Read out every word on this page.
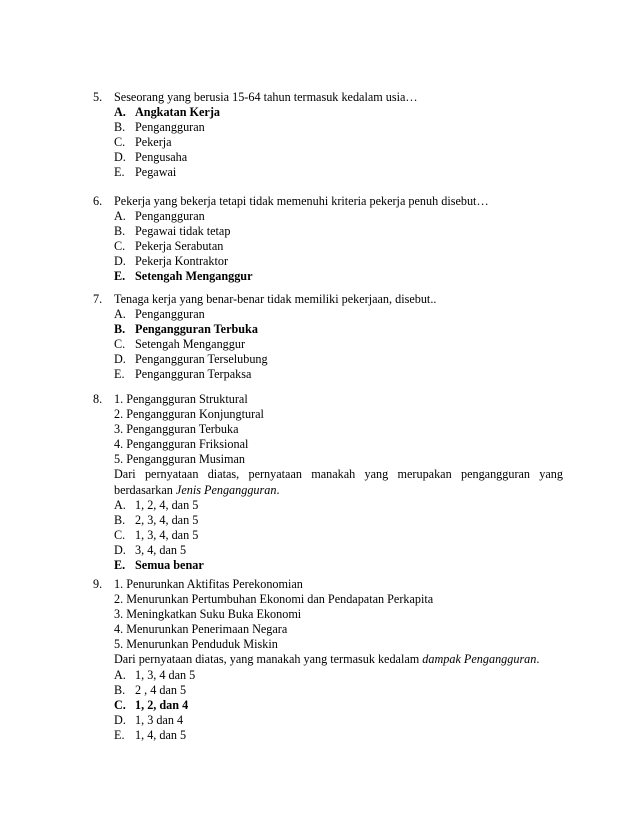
5. Seseorang yang berusia 15-64 tahun termasuk kedalam usia…
A. Angkatan Kerja
B. Pengangguran
C. Pekerja
D. Pengusaha
E. Pegawai
6. Pekerja yang bekerja tetapi tidak memenuhi kriteria pekerja penuh disebut…
A. Pengangguran
B. Pegawai tidak tetap
C. Pekerja Serabutan
D. Pekerja Kontraktor
E. Setengah Menganggur
7. Tenaga kerja yang benar-benar tidak memiliki pekerjaan, disebut..
A. Pengangguran
B. Pengangguran Terbuka
C. Setengah Menganggur
D. Pengangguran Terselubung
E. Pengangguran Terpaksa
8. 1. Pengangguran Struktural
2. Pengangguran Konjungtural
3. Pengangguran Terbuka
4. Pengangguran Friksional
5. Pengangguran Musiman
Dari pernyataan diatas, pernyataan manakah yang merupakan pengangguran yang
berdasarkan Jenis Pengangguran.
A. 1, 2, 4, dan 5
B. 2, 3, 4, dan 5
C. 1, 3, 4, dan 5
D. 3, 4, dan 5
E. Semua benar
9. 1. Penurunkan Aktifitas Perekonomian
2. Menurunkan Pertumbuhan Ekonomi dan Pendapatan Perkapita
3. Meningkatkan Suku Buka Ekonomi
4. Menurunkan Penerimaan Negara
5. Menurunkan Penduduk Miskin
Dari pernyataan diatas, yang manakah yang termasuk kedalam dampak Pengangguran.
A. 1, 3, 4 dan 5
B. 2 , 4 dan 5
C. 1, 2, dan 4
D. 1, 3 dan 4
E. 1, 4, dan 5
